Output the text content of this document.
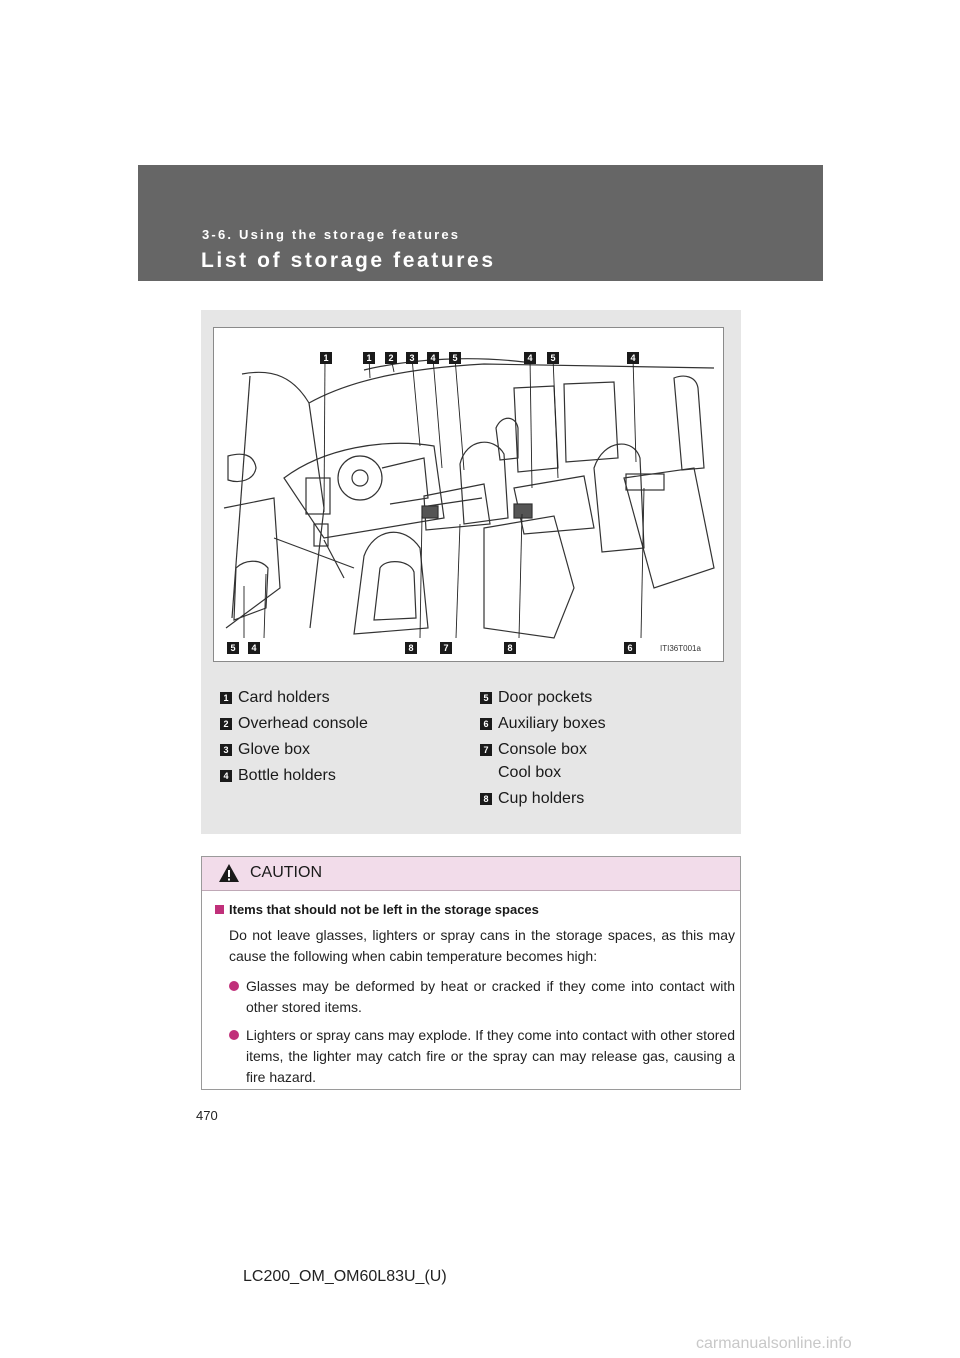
3-6. Using the storage features
List of storage features
1	1	2	3	4	5	4	5	4
5	4	8	7	8	6	ITI36T001a
1 Card holders
2 Overhead console
3 Glove box
4 Bottle holders
5 Door pockets
6 Auxiliary boxes
7 Console box
Cool box
8 Cup holders
CAUTION
Items that should not be left in the storage spaces
Do not leave glasses, lighters or spray cans in the storage spaces, as this may cause the following when cabin temperature becomes high:
Glasses may be deformed by heat or cracked if they come into contact with other stored items.
Lighters or spray cans may explode. If they come into contact with other stored items, the lighter may catch fire or the spray can may release gas, causing a fire hazard.
470
LC200_OM_OM60L83U_(U)
carmanualsonline.info
